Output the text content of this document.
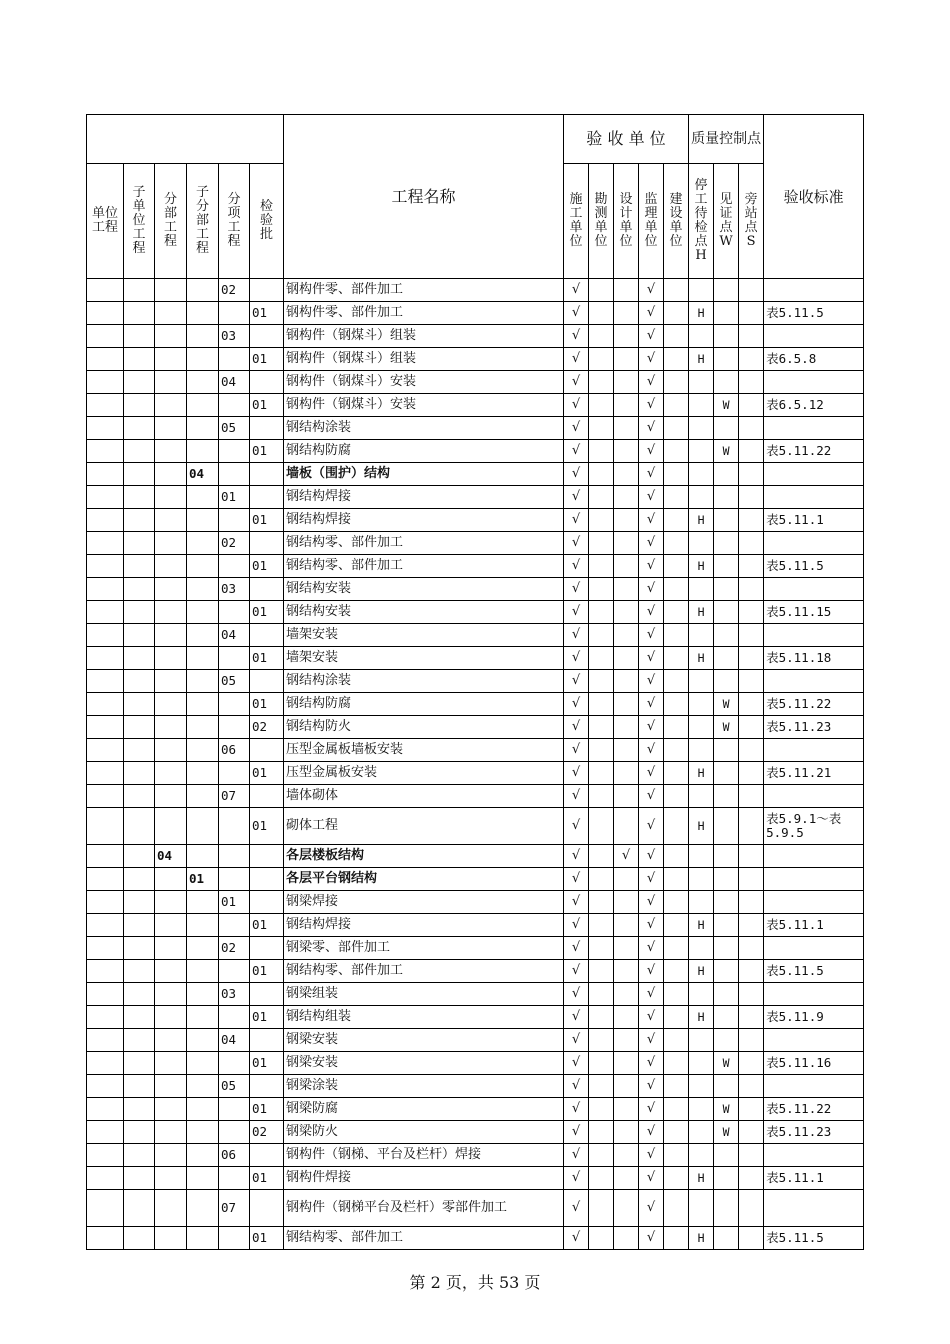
						工程名称	验 收 单 位					质量控制点			验收标准
单位工程	子单位工程	分部工程	子分部工程	分项工程	检验批		施工单位	勘测单位	设计单位	监理单位	建设单位	停工待检点H	见证点W	旁站点S	
				02		钢构件零、部件加工	√			√					
					01	钢构件零、部件加工	√			√		H			表5.11.5
				03		钢构件（钢煤斗）组装	√			√					
					01	钢构件（钢煤斗）组装	√			√		H			表6.5.8
				04		钢构件（钢煤斗）安装	√			√					
					01	钢构件（钢煤斗）安装	√			√			W		表6.5.12
				05		钢结构涂装	√			√					
					01	钢结构防腐	√			√			W		表5.11.22
			04			墙板（围护）结构	√			√					
				01		钢结构焊接	√			√					
					01	钢结构焊接	√			√		H			表5.11.1
				02		钢结构零、部件加工	√			√					
					01	钢结构零、部件加工	√			√		H			表5.11.5
				03		钢结构安装	√			√					
					01	钢结构安装	√			√		H			表5.11.15
				04		墙架安装	√			√					
					01	墙架安装	√			√		H			表5.11.18
				05		钢结构涂装	√			√					
					01	钢结构防腐	√			√			W		表5.11.22
					02	钢结构防火	√			√			W		表5.11.23
				06		压型金属板墙板安装	√			√					
					01	压型金属板安装	√			√		H			表5.11.21
				07		墙体砌体	√			√					
					01	砌体工程	√			√		H			表5.9.1～表5.9.5
		04				各层楼板结构	√		√	√					
			01			各层平台钢结构	√			√					
				01		钢梁焊接	√			√					
					01	钢结构焊接	√			√		H			表5.11.1
				02		钢梁零、部件加工	√			√					
					01	钢结构零、部件加工	√			√		H			表5.11.5
				03		钢梁组装	√			√					
					01	钢结构组装	√			√		H			表5.11.9
				04		钢梁安装	√			√					
					01	钢梁安装	√			√			W		表5.11.16
				05		钢梁涂装	√			√					
					01	钢梁防腐	√			√			W		表5.11.22
					02	钢梁防火	√			√			W		表5.11.23
				06		钢构件（钢梯、平台及栏杆）焊接	√			√					
					01	钢构件焊接	√			√		H			表5.11.1
				07		钢构件（钢梯平台及栏杆）零部件加工	√			√					
					01	钢结构零、部件加工	√			√		H			表5.11.5
第 2 页，共 53 页
